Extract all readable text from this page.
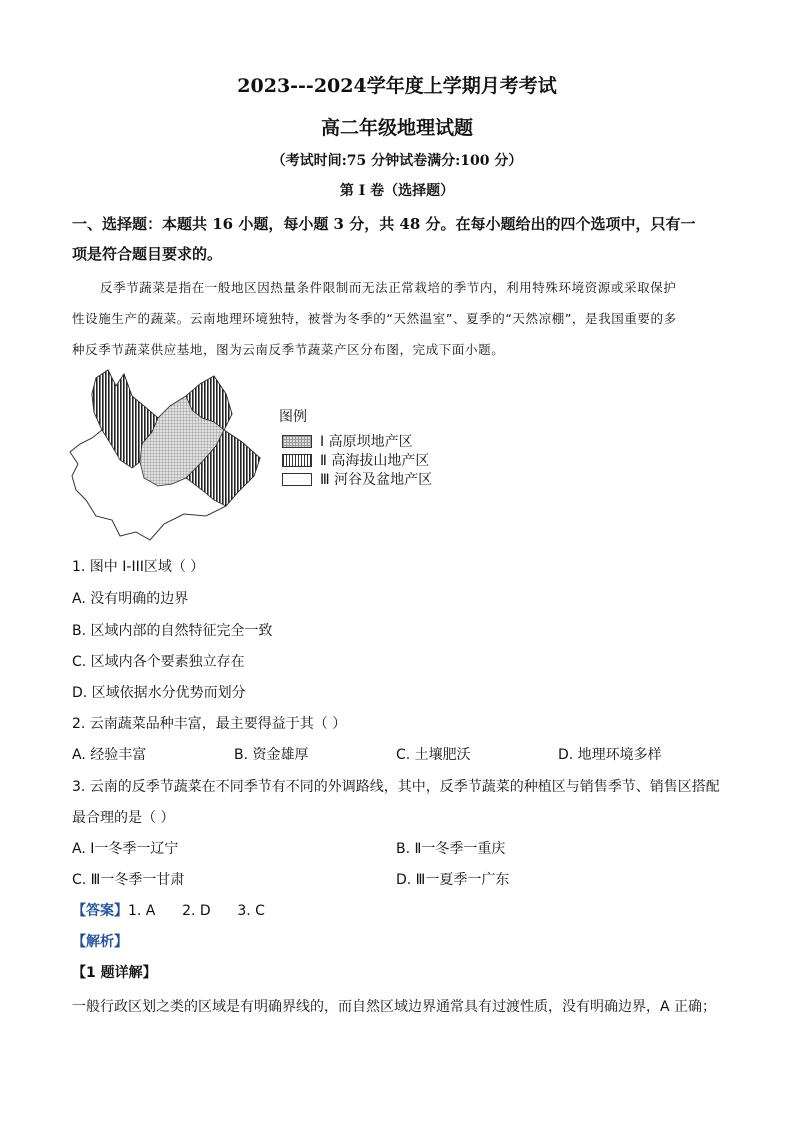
2023---2024学年度上学期月考考试
高二年级地理试题
（考试时间:75 分钟试卷满分:100 分）
第 I 卷（选择题）
一、选择题：本题共 16 小题，每小题 3 分，共 48 分。在每小题给出的四个选项中，只有一
项是符合题目要求的。
反季节蔬菜是指在一般地区因热量条件限制而无法正常栽培的季节内，利用特殊环境资源或采取保护
性设施生产的蔬菜。云南地理环境独特，被誉为冬季的“天然温室”、夏季的“天然凉棚”，是我国重要的多
种反季节蔬菜供应基地，图为云南反季节蔬菜产区分布图，完成下面小题。
图例
Ⅰ 高原坝地产区
Ⅱ 高海拔山地产区
Ⅲ 河谷及盆地产区
1. 图中 I-III区域（ ）
A. 没有明确的边界
B. 区域内部的自然特征完全一致
C. 区域内各个要素独立存在
D. 区域依据水分优势而划分
2. 云南蔬菜品种丰富，最主要得益于其（ ）
A. 经验丰富	B. 资金雄厚	C. 土壤肥沃	D. 地理环境多样
3. 云南的反季节蔬菜在不同季节有不同的外调路线，其中，反季节蔬菜的种植区与销售季节、销售区搭配
最合理的是（ ）
A. Ⅰ一冬季一辽宁	B. Ⅱ一冬季一重庆
C. Ⅲ一冬季一甘肃	D. Ⅲ一夏季一广东
【答案】1. A      2. D      3. C
【解析】
【1 题详解】
一般行政区划之类的区域是有明确界线的，而自然区域边界通常具有过渡性质，没有明确边界，A 正确；
